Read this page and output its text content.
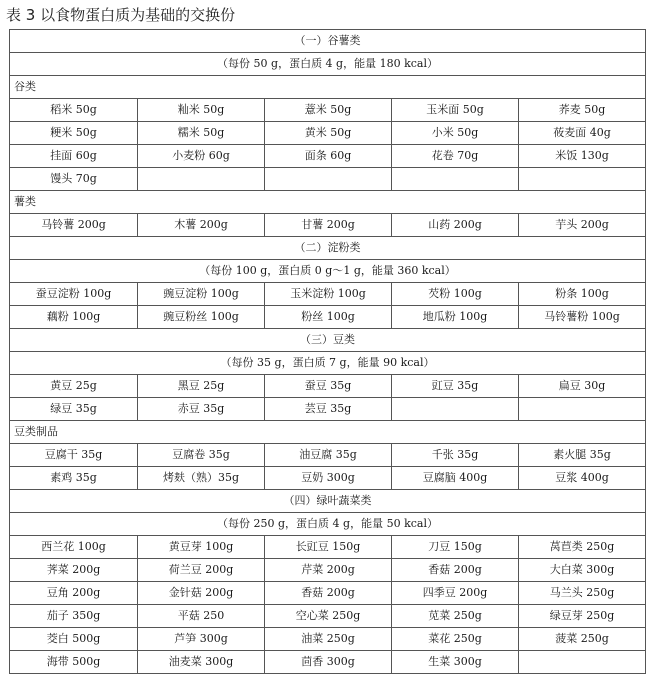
表 3 以食物蛋白质为基础的交换份
（一）谷薯类				
（每份 50 g，蛋白质 4 g，能量 180 kcal）				
谷类				
稻米 50g	籼米 50g	薏米 50g	玉米面 50g	荞麦 50g
粳米 50g	糯米 50g	黄米 50g	小米 50g	莜麦面 40g
挂面 60g	小麦粉 60g	面条 60g	花卷 70g	米饭 130g
馒头 70g				
薯类				
马铃薯 200g	木薯 200g	甘薯 200g	山药 200g	芋头 200g
（二）淀粉类				
（每份 100 g，蛋白质 0 g～1 g，能量 360 kcal）				
蚕豆淀粉 100g	豌豆淀粉 100g	玉米淀粉 100g	芡粉 100g	粉条 100g
藕粉 100g	豌豆粉丝 100g	粉丝 100g	地瓜粉 100g	马铃薯粉 100g
（三）豆类				
（每份 35 g，蛋白质 7 g，能量 90 kcal）				
黄豆 25g	黑豆 25g	蚕豆 35g	豇豆 35g	扁豆 30g
绿豆 35g	赤豆 35g	芸豆 35g		
豆类制品				
豆腐干 35g	豆腐卷 35g	油豆腐 35g	千张 35g	素火腿 35g
素鸡 35g	烤麸（熟）35g	豆奶 300g	豆腐脑 400g	豆浆 400g
（四）绿叶蔬菜类				
（每份 250 g，蛋白质 4 g，能量 50 kcal）				
西兰花 100g	黄豆芽 100g	长豇豆 150g	刀豆 150g	莴苣类 250g
荠菜 200g	荷兰豆 200g	芹菜 200g	香菇 200g	大白菜 300g
豆角 200g	金针菇 200g	香菇 200g	四季豆 200g	马兰头 250g
茄子 350g	平菇 250	空心菜 250g	苋菜 250g	绿豆芽 250g
茭白 500g	芦笋 300g	油菜 250g	菜花 250g	菠菜 250g
海带 500g	油麦菜 300g	茴香 300g	生菜 300g	
